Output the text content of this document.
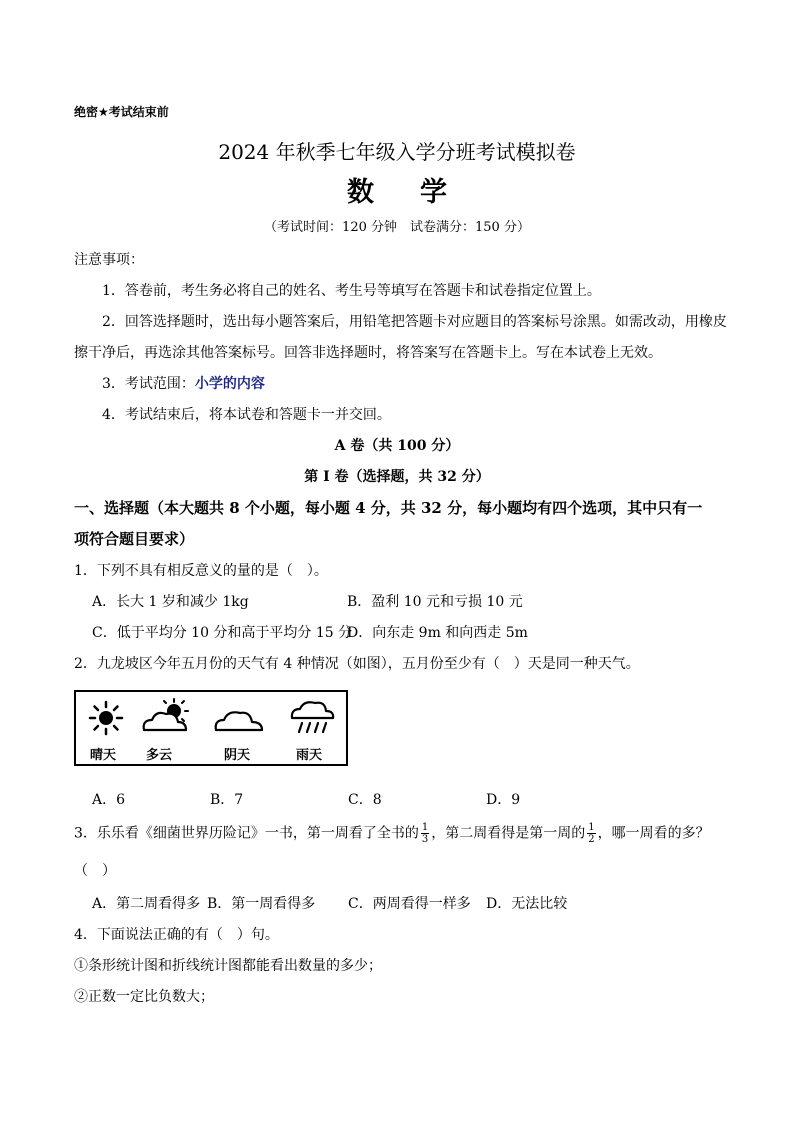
绝密★考试结束前
2024 年秋季七年级入学分班考试模拟卷
数学
（考试时间：120 分钟　试卷满分：150 分）
注意事项：
1．答卷前，考生务必将自己的姓名、考生号等填写在答题卡和试卷指定位置上。
2．回答选择题时，选出每小题答案后，用铅笔把答题卡对应题目的答案标号涂黑。如需改动，用橡皮
擦干净后，再选涂其他答案标号。回答非选择题时，将答案写在答题卡上。写在本试卷上无效。
3．考试范围：小学的内容
4．考试结束后，将本试卷和答题卡一并交回。
A 卷（共 100 分）
第 I 卷（选择题，共 32 分）
一、选择题（本大题共 8 个小题，每小题 4 分，共 32 分，每小题均有四个选项，其中只有一
项符合题目要求）
1．下列不具有相反意义的量的是（　）。
A．长大 1 岁和减少 1kg	B．盈利 10 元和亏损 10 元
C．低于平均分 10 分和高于平均分 15 分
D．向东走 9m 和向西走 5m
2．九龙坡区今年五月份的天气有 4 种情况（如图），五月份至少有（　）天是同一种天气。
晴天 多云	阴天	雨天
A．6	B．7	C．8	D．9
3．乐乐看《细菌世界历险记》一书，第一周看了全书的 $\frac{1}{3}$ ，第二周看得是第一周的 $\frac{1}{2}$ ，哪一周看的多？
（　）
A．第二周看得多 B．第一周看得多 C．两周看得一样多 D．无法比较
4．下面说法正确的有（　）句。
①条形统计图和折线统计图都能看出数量的多少；
②正数一定比负数大；
